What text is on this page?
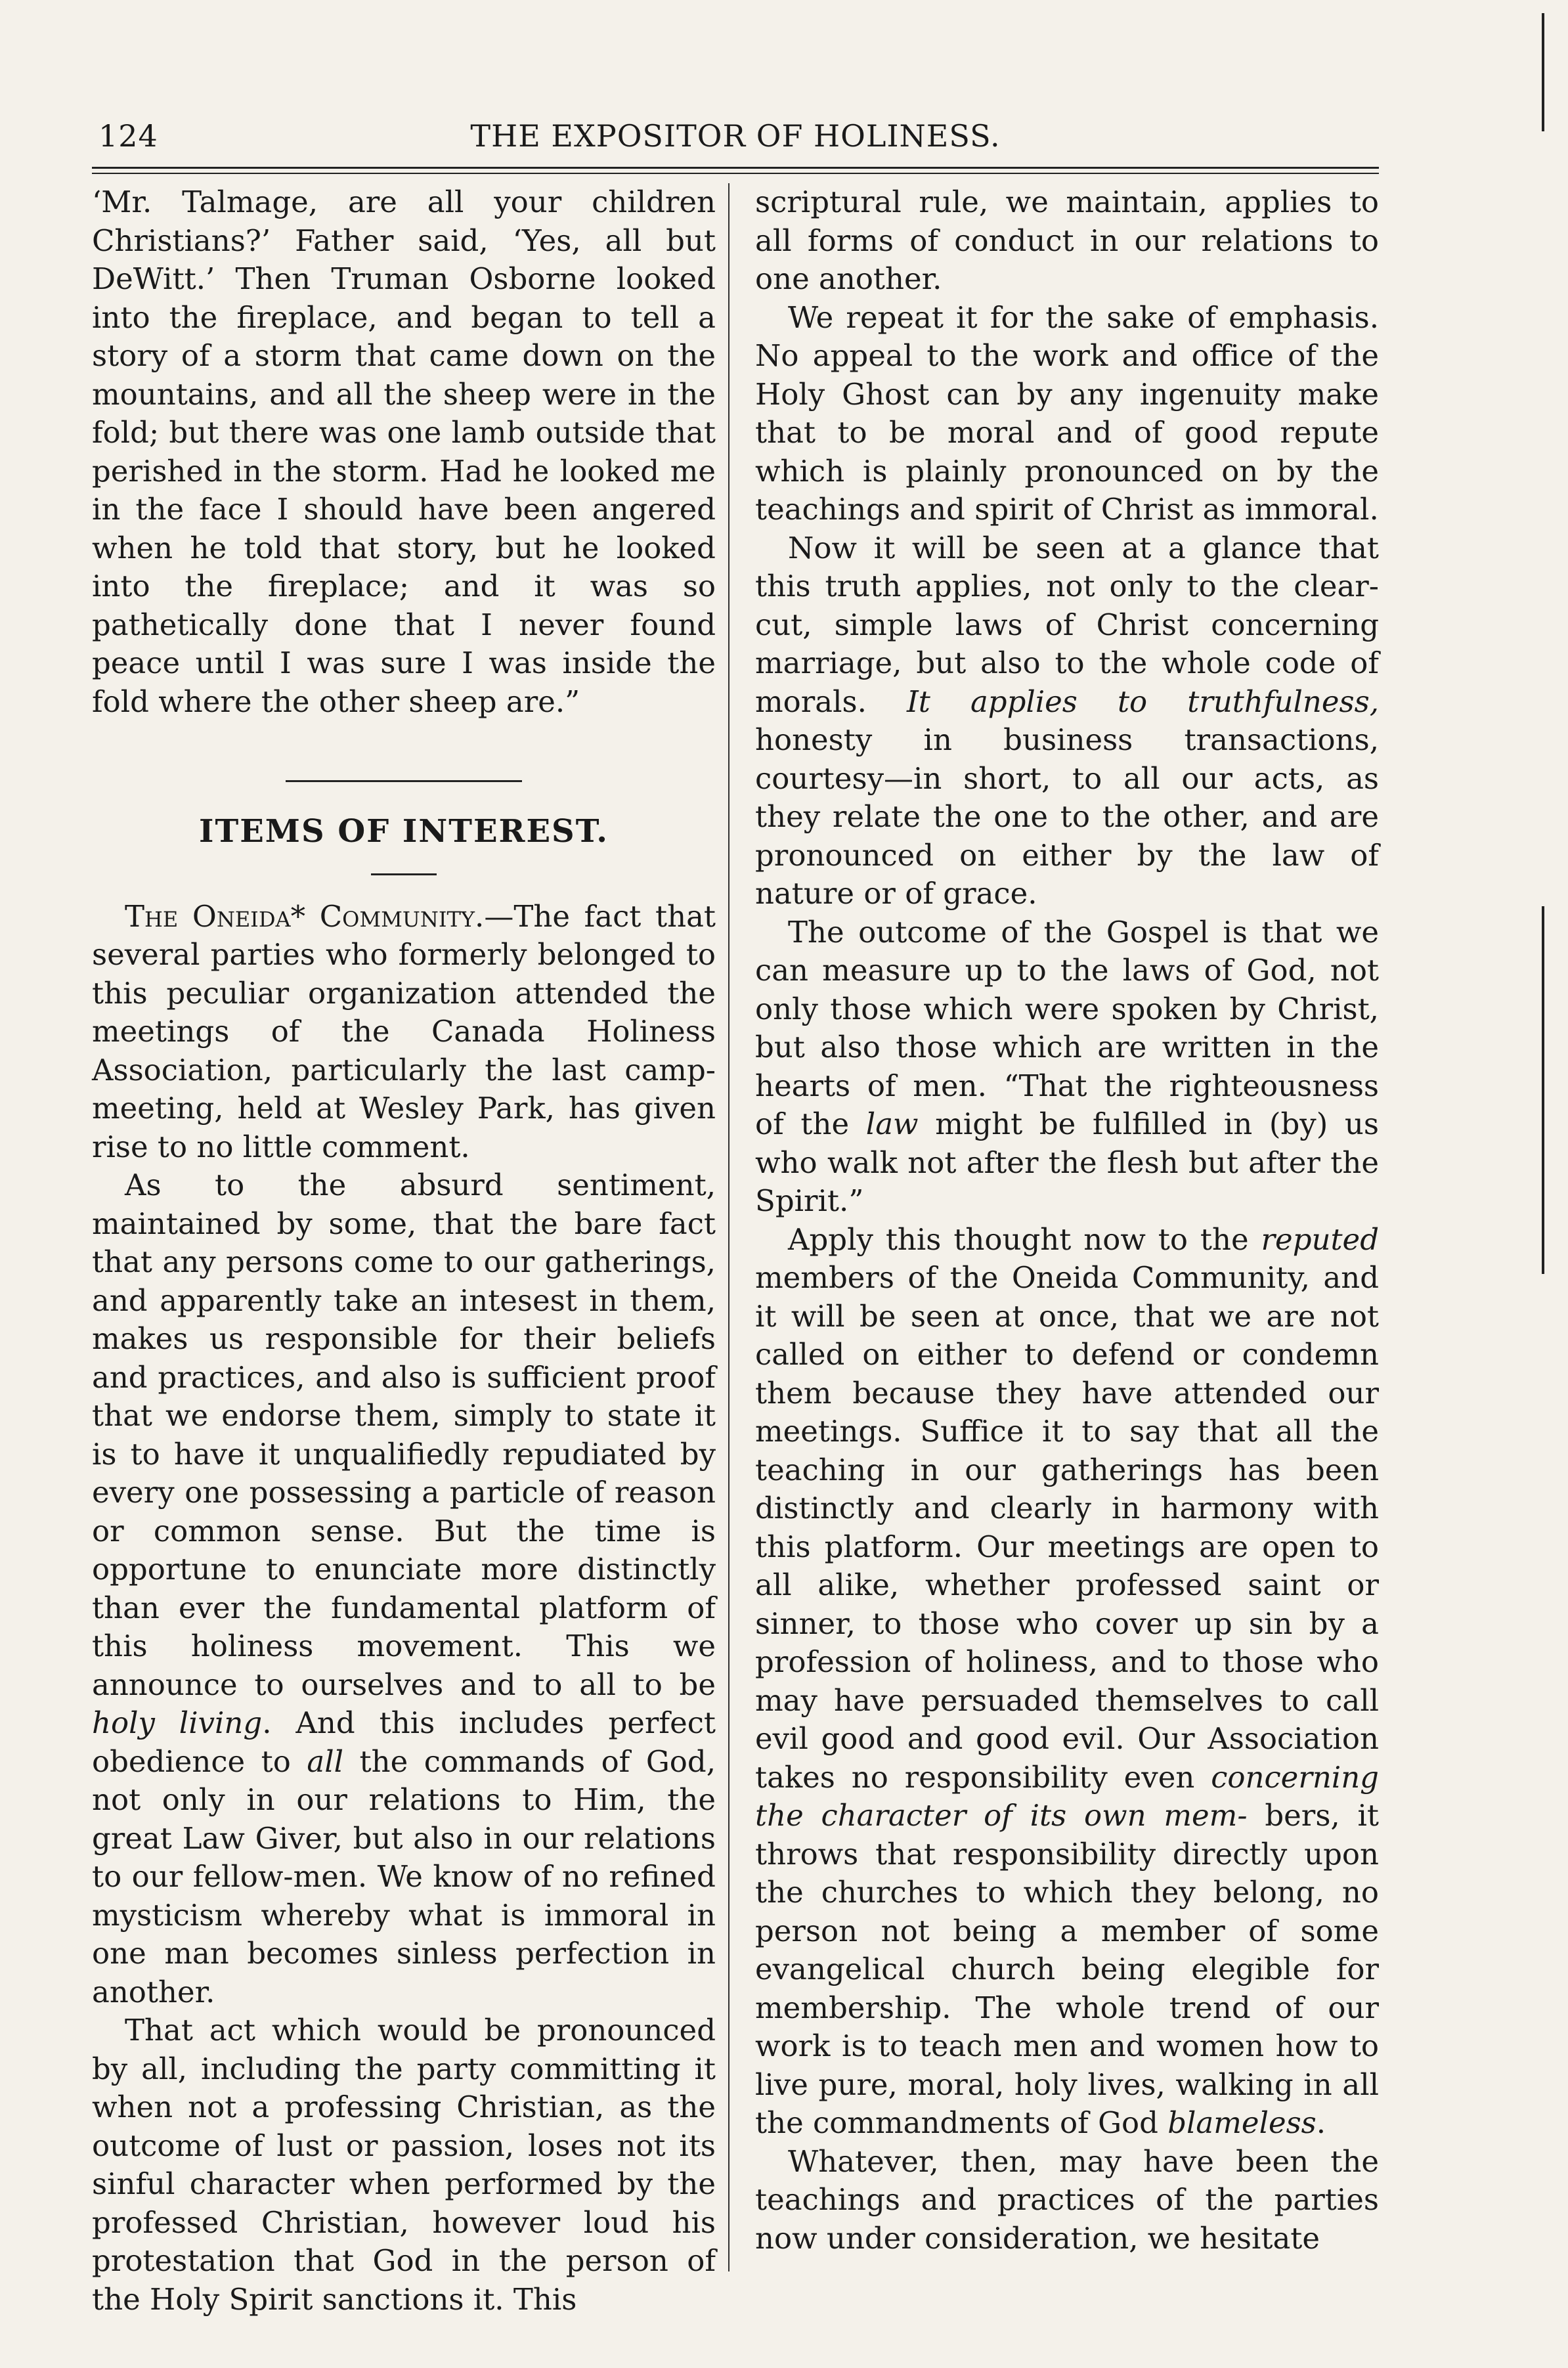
124	THE EXPOSITOR OF HOLINESS.

‘Mr. Talmage, are all your children Christians?’ Father said, ‘Yes, all but DeWitt.’ Then Truman Osborne looked into the fireplace, and began to tell a story of a storm that came down on the mountains, and all the sheep were in the fold; but there was one lamb outside that perished in the storm. Had he looked me in the face I should have been angered when he told that story, but he looked into the fireplace; and it was so pathetically done that I never found peace until I was sure I was inside the fold where the other sheep are.”

ITEMS OF INTEREST.

The Oneida* Community.—The fact that several parties who formerly belonged to this peculiar organization attended the meetings of the Canada Holiness Association, particularly the last camp-meeting, held at Wesley Park, has given rise to no little comment.

As to the absurd sentiment, maintained by some, that the bare fact that any persons come to our gatherings, and apparently take an intesest in them, makes us responsible for their beliefs and practices, and also is sufficient proof that we endorse them, simply to state it is to have it unqualifiedly repudiated by every one possessing a particle of reason or common sense. But the time is opportune to enunciate more distinctly than ever the fundamental platform of this holiness movement. This we announce to ourselves and to all to be holy living. And this includes perfect obedience to all the commands of God, not only in our relations to Him, the great Law Giver, but also in our relations to our fellow-men. We know of no refined mysticism whereby what is immoral in one man becomes sinless perfection in another.

That act which would be pronounced by all, including the party committing it when not a professing Christian, as the outcome of lust or passion, loses not its sinful character when performed by the professed Christian, however loud his protestation that God in the person of the Holy Spirit sanctions it. This

scriptural rule, we maintain, applies to all forms of conduct in our relations to one another.

We repeat it for the sake of emphasis. No appeal to the work and office of the Holy Ghost can by any ingenuity make that to be moral and of good repute which is plainly pronounced on by the teachings and spirit of Christ as immoral.

Now it will be seen at a glance that this truth applies, not only to the clear-cut, simple laws of Christ concerning marriage, but also to the whole code of morals. It applies to truthfulness, honesty in business transactions, courtesy—in short, to all our acts, as they relate the one to the other, and are pronounced on either by the law of nature or of grace.

The outcome of the Gospel is that we can measure up to the laws of God, not only those which were spoken by Christ, but also those which are written in the hearts of men. “That the righteousness of the law might be fulfilled in (by) us who walk not after the flesh but after the Spirit.”

Apply this thought now to the reputed members of the Oneida Community, and it will be seen at once, that we are not called on either to defend or condemn them because they have attended our meetings. Suffice it to say that all the teaching in our gatherings has been distinctly and clearly in harmony with this platform. Our meetings are open to all alike, whether professed saint or sinner, to those who cover up sin by a profession of holiness, and to those who may have persuaded themselves to call evil good and good evil. Our Association takes no responsibility even concerning the character of its own mem- bers, it throws that responsibility directly upon the churches to which they belong, no person not being a member of some evangelical church being elegible for membership. The whole trend of our work is to teach men and women how to live pure, moral, holy lives, walking in all the commandments of God blameless.

Whatever, then, may have been the teachings and practices of the parties now under consideration, we hesitate
